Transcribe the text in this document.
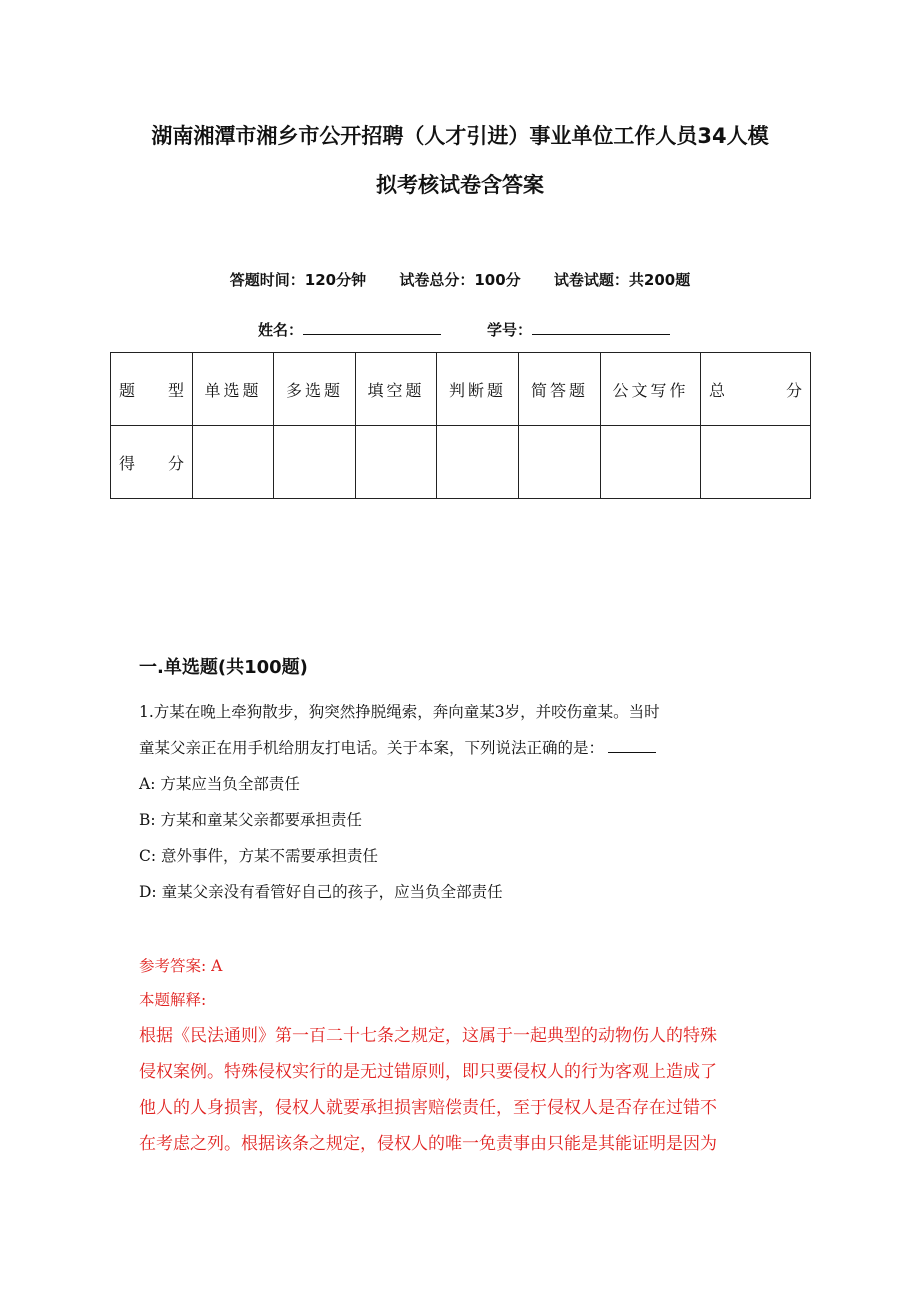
湖南湘潭市湘乡市公开招聘（人才引进）事业单位工作人员34人模
拟考核试卷含答案
答题时间：120分钟 试卷总分：100分 试卷试题：共200题
姓名：	学号：
题　型	单选题	多选题	填空题	判断题	简答题	公文写作	总　分
得　分							
一.单选题(共100题)
1.方某在晚上牵狗散步，狗突然挣脱绳索，奔向童某3岁，并咬伤童某。当时
童某父亲正在用手机给朋友打电话。关于本案，下列说法正确的是：
A: 方某应当负全部责任
B: 方某和童某父亲都要承担责任
C: 意外事件，方某不需要承担责任
D: 童某父亲没有看管好自己的孩子，应当负全部责任
参考答案: A
本题解释:
根据《民法通则》第一百二十七条之规定，这属于一起典型的动物伤人的特殊
侵权案例。特殊侵权实行的是无过错原则，即只要侵权人的行为客观上造成了
他人的人身损害，侵权人就要承担损害赔偿责任，至于侵权人是否存在过错不
在考虑之列。根据该条之规定，侵权人的唯一免责事由只能是其能证明是因为
